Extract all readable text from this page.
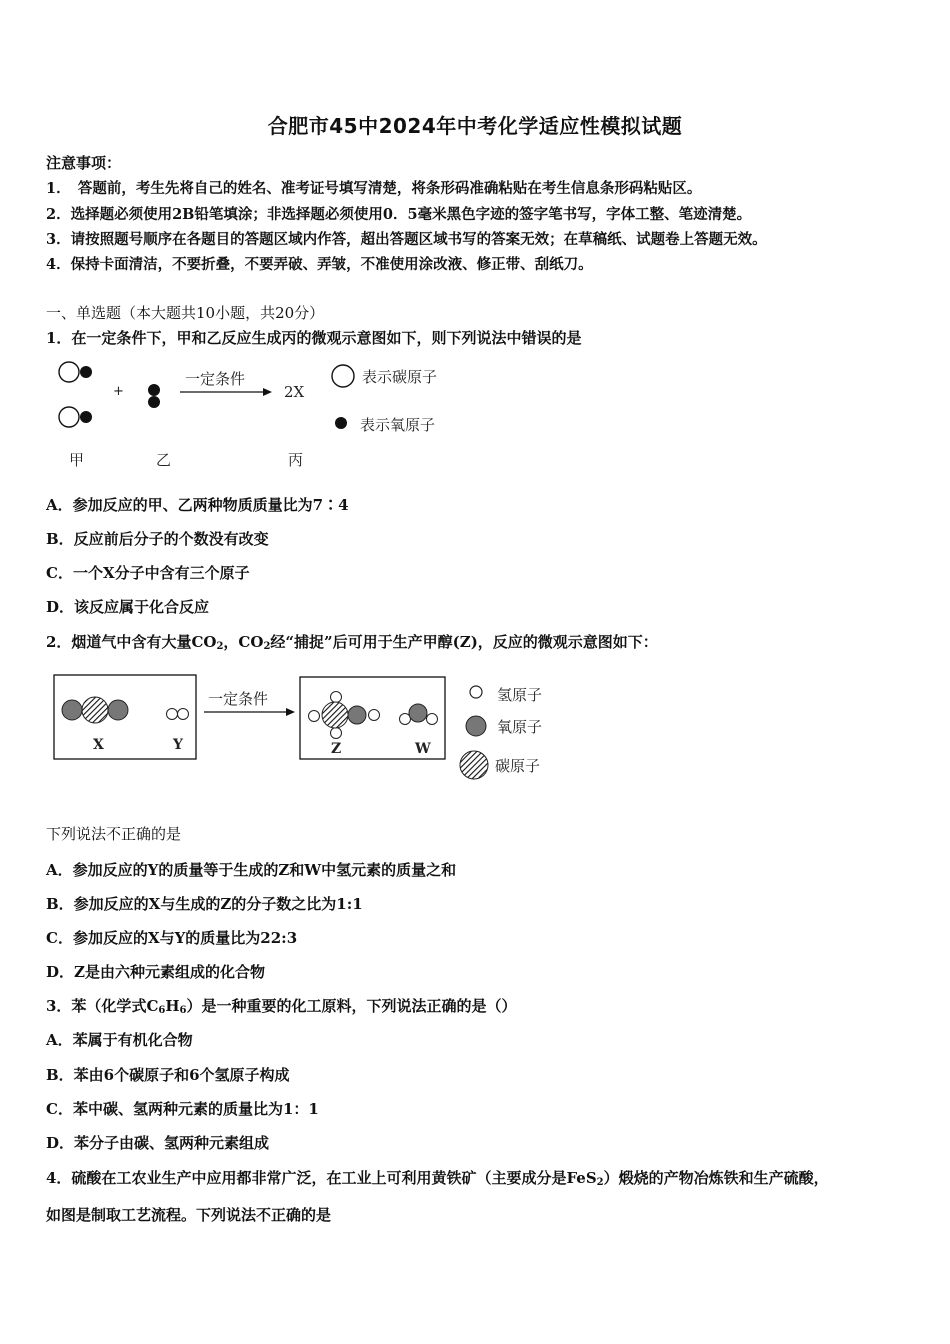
合肥市45中2024年中考化学适应性模拟试题
注意事项：
1．　答题前，考生先将自己的姓名、准考证号填写清楚，将条形码准确粘贴在考生信息条形码粘贴区。
2．选择题必须使用2B铅笔填涂；非选择题必须使用0．5毫米黑色字迹的签字笔书写，字体工整、笔迹清楚。
3．请按照题号顺序在各题目的答题区域内作答，超出答题区域书写的答案无效；在草稿纸、试题卷上答题无效。
4．保持卡面清洁，不要折叠，不要弄破、弄皱，不准使用涂改液、修正带、刮纸刀。
一、单选题（本大题共10小题，共20分）
1．在一定条件下，甲和乙反应生成丙的微观示意图如下，则下列说法中错误的是
+
一定条件
2X
表示碳原子
表示氧原子
甲	乙	丙
A．参加反应的甲、乙两种物质质量比为7∶4
B．反应前后分子的个数没有改变
C．一个X分子中含有三个原子
D．该反应属于化合反应
2．烟道气中含有大量$CO_2$，$CO_2$经“捕捉”后可用于生产甲醇(Z)，反应的微观示意图如下：
一定条件
X	Y	Z	W
氢原子
氧原子
碳原子
下列说法不正确的是
A．参加反应的Y的质量等于生成的Z和W中氢元素的质量之和
B．参加反应的X与生成的Z的分子数之比为1:1
C．参加反应的X与Y的质量比为22:3
D．Z是由六种元素组成的化合物
3．苯（化学式$C_6H_6$）是一种重要的化工原料，下列说法正确的是（）
A．苯属于有机化合物
B．苯由6个碳原子和6个氢原子构成
C．苯中碳、氢两种元素的质量比为1：1
D．苯分子由碳、氢两种元素组成
4．硫酸在工农业生产中应用都非常广泛，在工业上可利用黄铁矿（主要成分是FeS$_2$）煅烧的产物冶炼铁和生产硫酸，
如图是制取工艺流程。下列说法不正确的是
